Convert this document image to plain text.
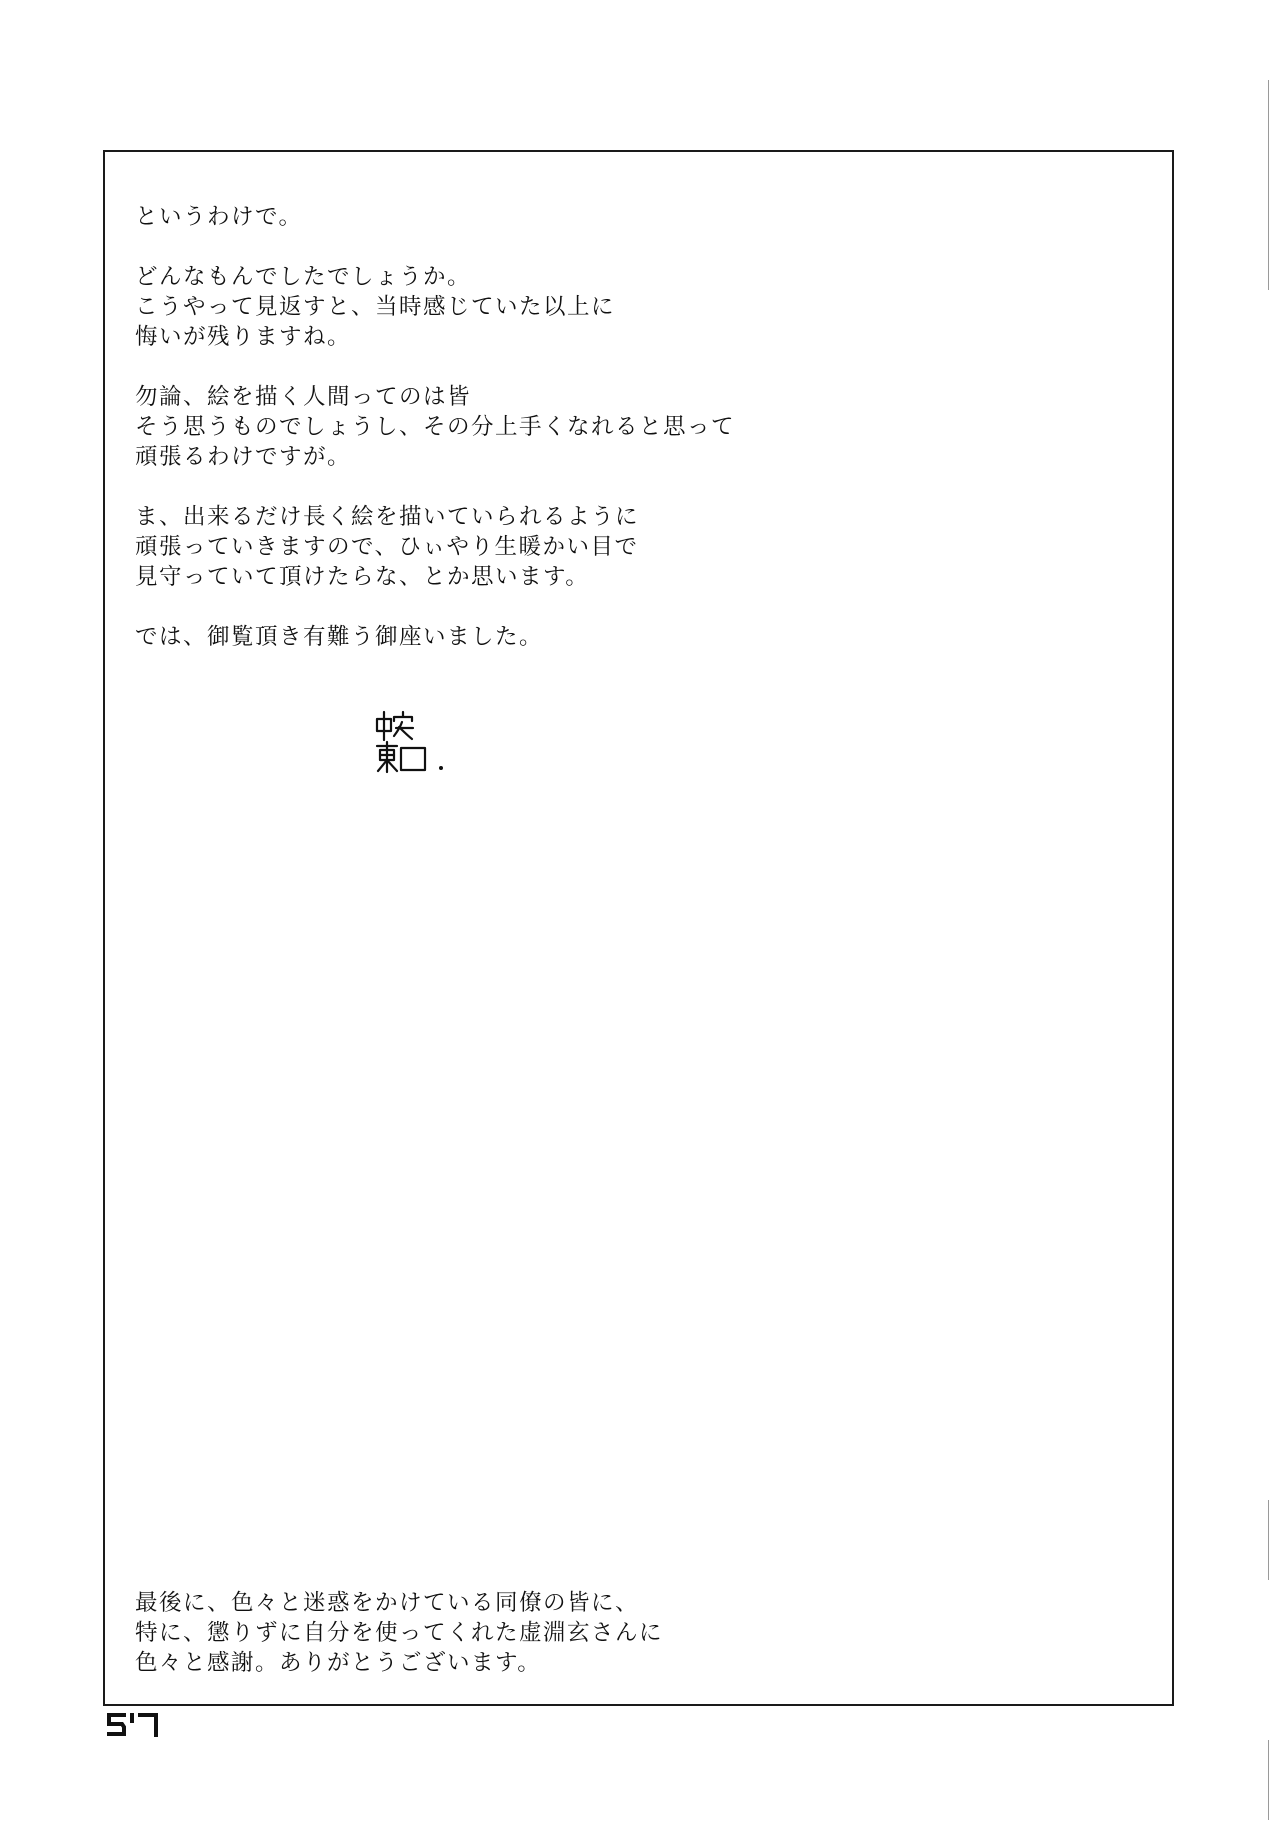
というわけで。
どんなもんでしたでしょうか。
こうやって見返すと、当時感じていた以上に
悔いが残りますね。
勿論、絵を描く人間ってのは皆
そう思うものでしょうし、その分上手くなれると思って
頑張るわけですが。
ま、出来るだけ長く絵を描いていられるように
頑張っていきますので、ひぃやり生暖かい目で
見守っていて頂けたらな、とか思います。
では、御覧頂き有難う御座いました。
最後に、色々と迷惑をかけている同僚の皆に、
特に、懲りずに自分を使ってくれた虚淵玄さんに
色々と感謝。ありがとうございます。
